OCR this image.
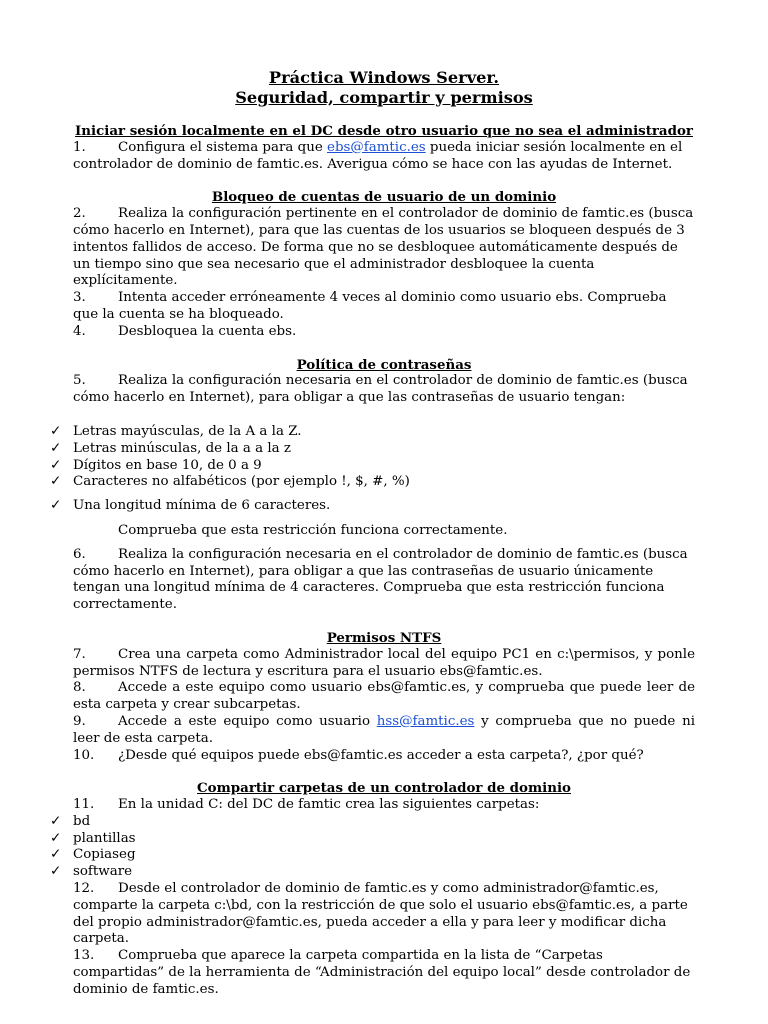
Práctica Windows Server.
Seguridad, compartir y permisos
Iniciar sesión localmente en el DC desde otro usuario que no sea el administrador
1. Configura el sistema para que ebs@famtic.es pueda iniciar sesión localmente en el controlador de dominio de famtic.es. Averigua cómo se hace con las ayudas de Internet.
Bloqueo de cuentas de usuario de un dominio
2. Realiza la configuración pertinente en el controlador de dominio de famtic.es (busca cómo hacerlo en Internet), para que las cuentas de los usuarios se bloqueen después de 3 intentos fallidos de acceso. De forma que no se desbloquee automáticamente después de un tiempo sino que sea necesario que el administrador desbloquee la cuenta explícitamente.
3. Intenta acceder erróneamente 4 veces al dominio como usuario ebs. Comprueba que la cuenta se ha bloqueado.
4. Desbloquea la cuenta ebs.
Política de contraseñas
5. Realiza la configuración necesaria en el controlador de dominio de famtic.es (busca cómo hacerlo en Internet), para obligar a que las contraseñas de usuario tengan:
✓ Letras mayúsculas, de la A a la Z.
✓ Letras minúsculas, de la a a la z
✓ Dígitos en base 10, de 0 a 9
✓ Caracteres no alfabéticos (por ejemplo !, $, #, %)
✓ Una longitud mínima de 6 caracteres.
Comprueba que esta restricción funciona correctamente.
6. Realiza la configuración necesaria en el controlador de dominio de famtic.es (busca cómo hacerlo en Internet), para obligar a que las contraseñas de usuario únicamente tengan una longitud mínima de 4 caracteres. Comprueba que esta restricción funciona correctamente.
Permisos NTFS
7. Crea una carpeta como Administrador local del equipo PC1 en c:\permisos, y ponle permisos NTFS de lectura y escritura para el usuario ebs@famtic.es.
8. Accede a este equipo como usuario ebs@famtic.es, y comprueba que puede leer de esta carpeta y crear subcarpetas.
9. Accede a este equipo como usuario hss@famtic.es y comprueba que no puede ni leer de esta carpeta.
10. ¿Desde qué equipos puede ebs@famtic.es acceder a esta carpeta?, ¿por qué?
Compartir carpetas de un controlador de dominio
11. En la unidad C: del DC de famtic crea las siguientes carpetas:
✓ bd
✓ plantillas
✓ Copiaseg
✓ software
12. Desde el controlador de dominio de famtic.es y como administrador@famtic.es, comparte la carpeta c:\bd, con la restricción de que solo el usuario ebs@famtic.es, a parte del propio administrador@famtic.es, pueda acceder a ella y para leer y modificar dicha carpeta.
13. Comprueba que aparece la carpeta compartida en la lista de “Carpetas compartidas” de la herramienta de “Administración del equipo local” desde controlador de dominio de famtic.es.
